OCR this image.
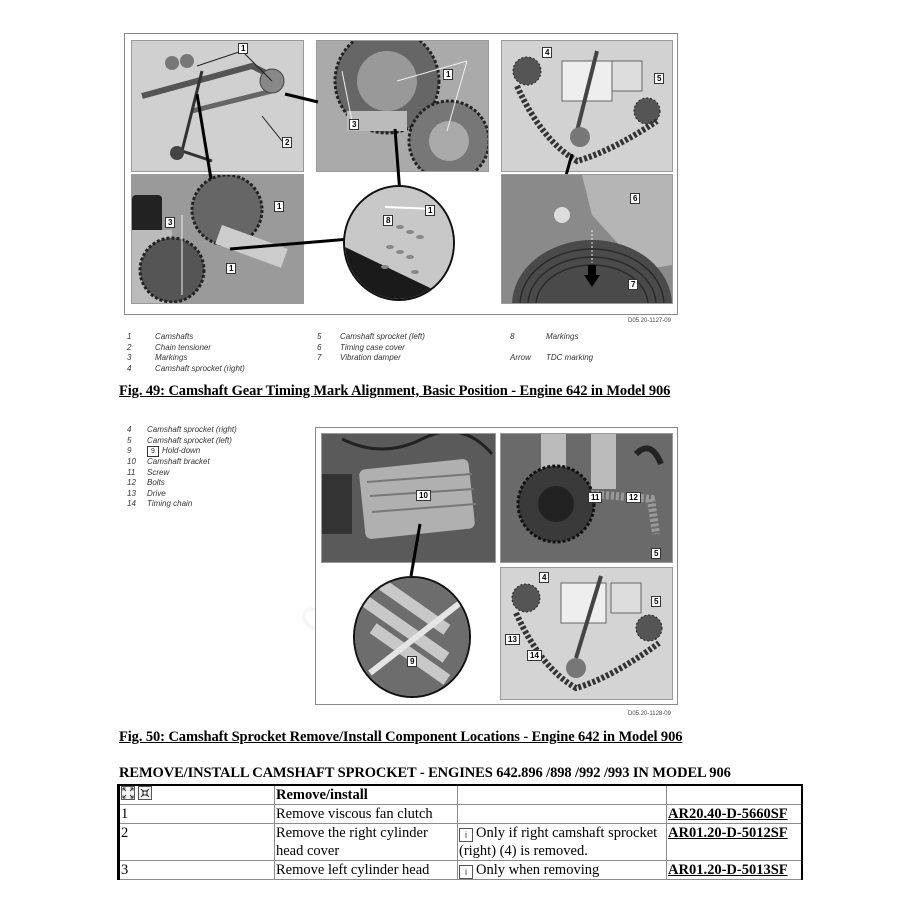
1
2
1
3
4
5
1
3
1
8
1
6
7
D05.20-1127-09
1	Camshafts
2	Chain tensioner
3	Markings
4	Camshaft sprocket (right)
5	Camshaft sprocket (left)
6	Timing case cover
7	Vibration damper
8	Markings
Arrow	TDC marking
Fig. 49: Camshaft Gear Timing Mark Alignment, Basic Position - Engine 642 in Model 906
4	Camshaft sprocket (right)
5	Camshaft sprocket (left)
9	9 Hold-down
10	Camshaft bracket
11	Screw
12	Bolts
13	Drive
14	Timing chain
10	11	12
5
9
4
5
13
14
D05.20-1128-09
Fig. 50: Camshaft Sprocket Remove/Install Component Locations - Engine 642 in Model 906
REMOVE/INSTALL CAMSHAFT SPROCKET - ENGINES 642.896 /898 /992 /993 IN MODEL 906
	Remove/install		
1	Remove viscous fan clutch		AR20.40-D-5660SF
2	Remove the right cylinder head cover	i Only if right camshaft sprocket (right) (4) is removed.	AR01.20-D-5012SF
3	Remove left cylinder head	i Only when removing	AR01.20-D-5013SF
